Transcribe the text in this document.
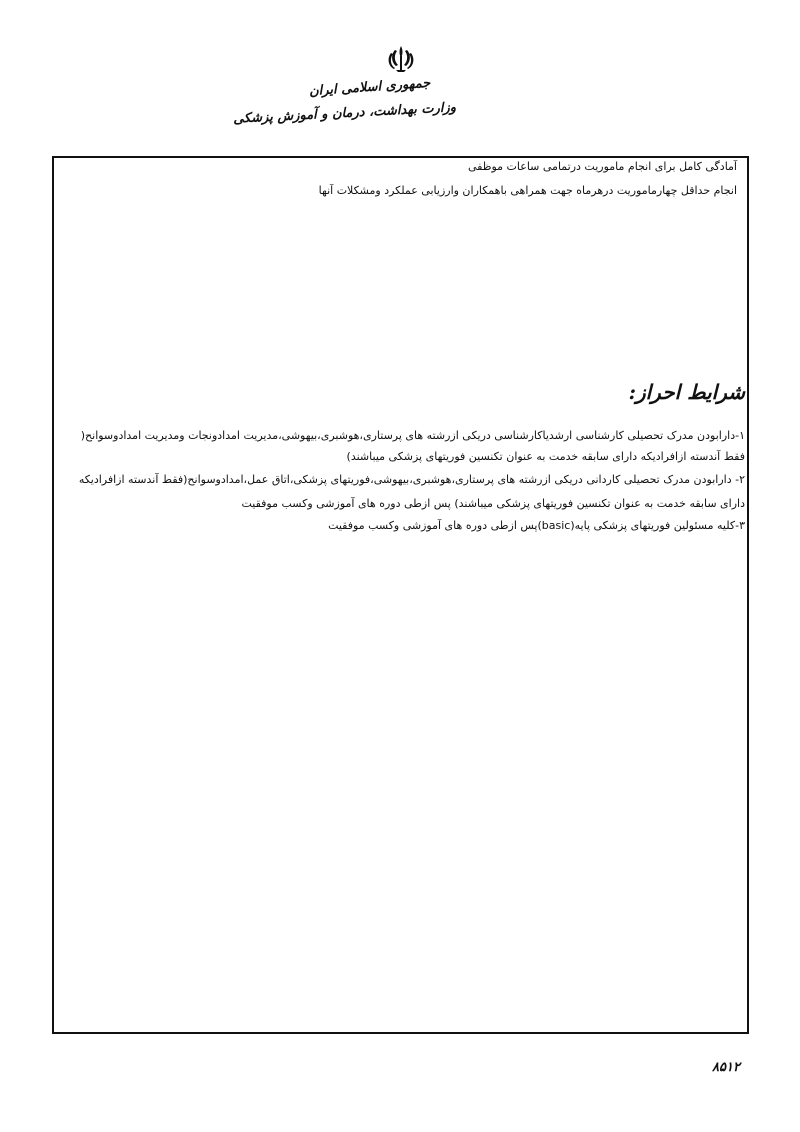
جمهوری اسلامی ایران
وزارت بهداشت، درمان و آموزش پزشکی
آمادگی کامل برای انجام ماموریت درتمامی ساعات موظفی
انجام حداقل چهارماموریت درهرماه جهت همراهی باهمکاران وارزیابی عملکرد ومشکلات آنها
شرایط احراز:
۱-دارابودن مدرک تحصیلی کارشناسی ارشدیاکارشناسی دریکی ازرشته های پرستاری،هوشبری،بیهوشی،مدیریت امدادونجات ومدیریت امدادوسوانح(
فقط آندسته ازافرادیکه دارای سابقه خدمت به عنوان تکنسین فوریتهای پزشکی میباشند)
۲- دارابودن مدرک تحصیلی کاردانی دریکی ازرشته های پرستاری،هوشبری،بیهوشی،فوریتهای پزشکی،اتاق عمل،امدادوسوانح(فقط آندسته ازافرادیکه
دارای سابقه خدمت به عنوان تکنسین فوریتهای پزشکی میباشند) پس ازطی دوره های آموزشی وکسب موفقیت
۳-کلیه مسئولین فوریتهای پزشکی پایه(basic)پس ازطی دوره های آموزشی وکسب موفقیت
۸۵۱۲
